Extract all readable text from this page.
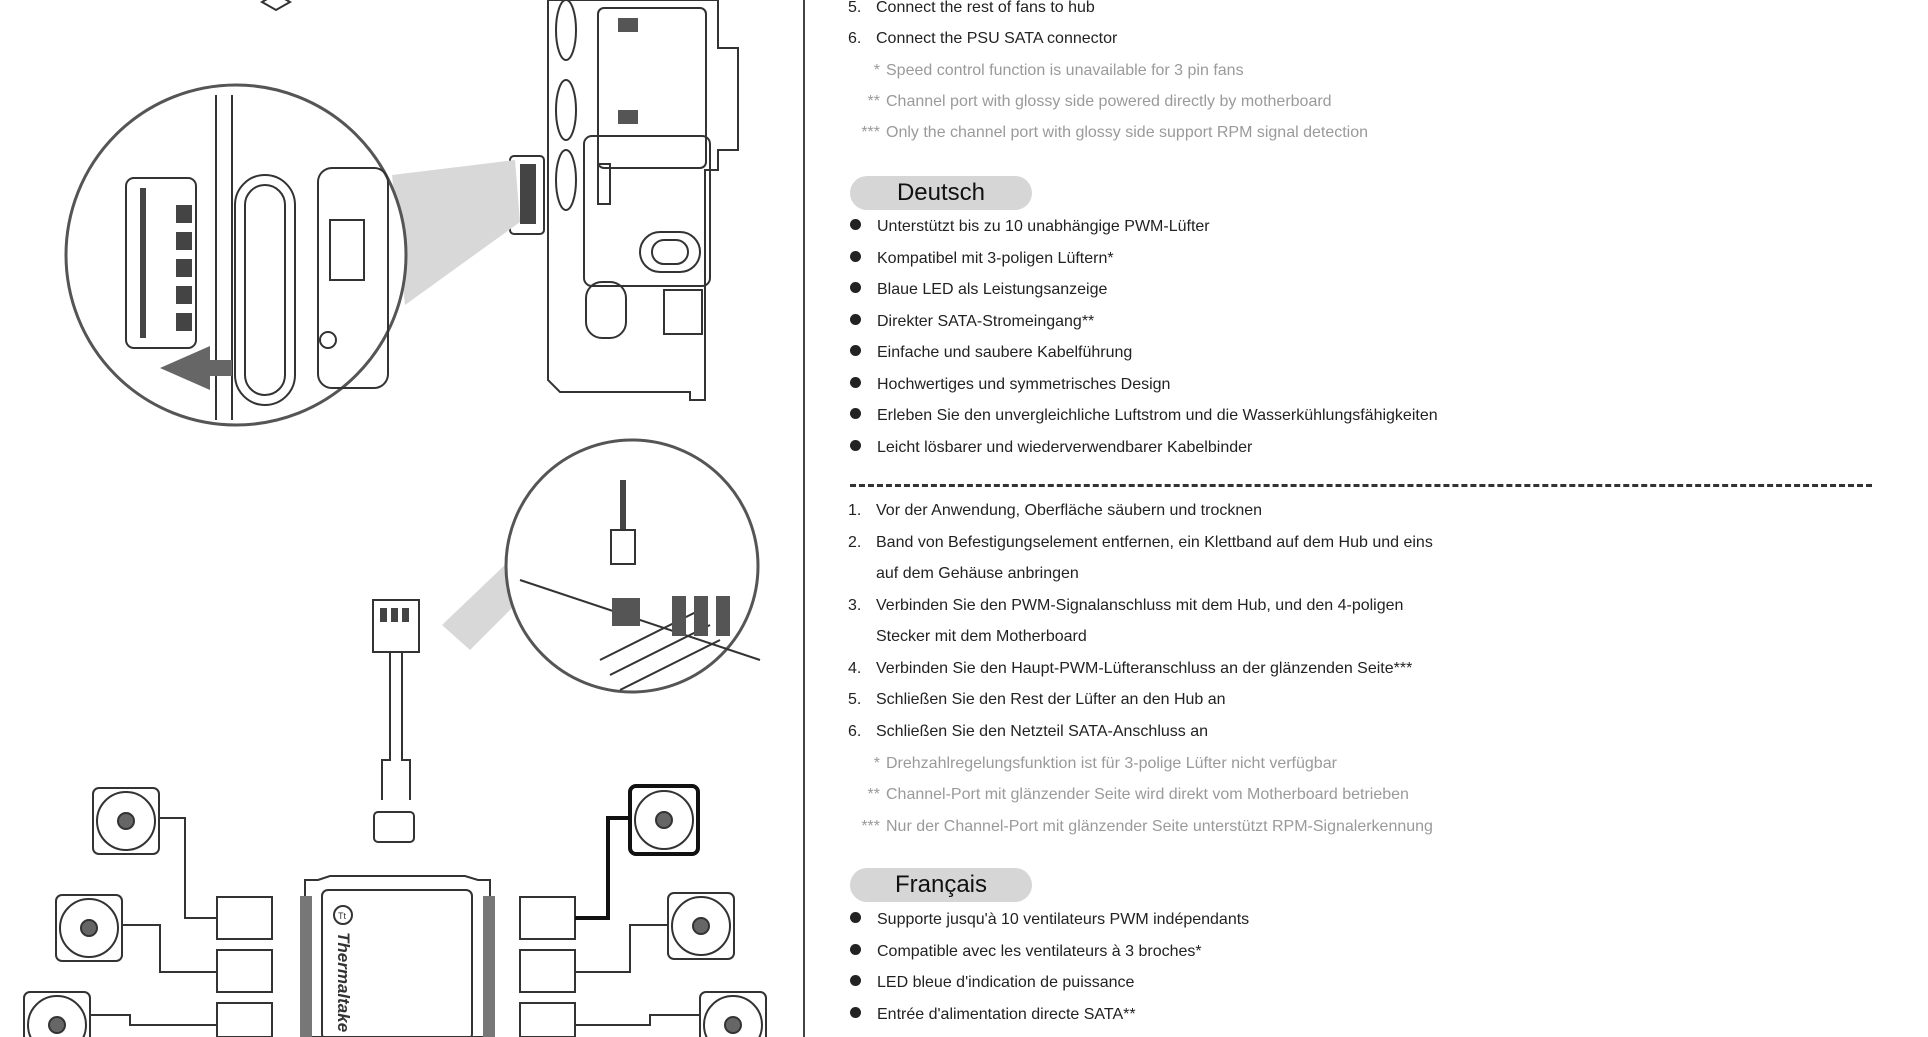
Tt
Thermaltake
5. Connect the rest of fans to hub
6. Connect the PSU SATA connector
* Speed control function is unavailable for 3 pin fans
** Channel port with glossy side powered directly by motherboard
*** Only the channel port with glossy side support RPM signal detection
Deutsch
Unterstützt bis zu 10 unabhängige PWM-Lüfter
Kompatibel mit 3-poligen Lüftern*
Blaue LED als Leistungsanzeige
Direkter SATA-Stromeingang**
Einfache und saubere Kabelführung
Hochwertiges und symmetrisches Design
Erleben Sie den unvergleichliche Luftstrom und die Wasserkühlungsfähigkeiten
Leicht lösbarer und wiederverwendbarer Kabelbinder
1. Vor der Anwendung, Oberfläche säubern und trocknen
2. Band von Befestigungselement entfernen, ein Klettband auf dem Hub und eins
auf dem Gehäuse anbringen
3. Verbinden Sie den PWM-Signalanschluss mit dem Hub, und den 4-poligen
Stecker mit dem Motherboard
4. Verbinden Sie den Haupt-PWM-Lüfteranschluss an der glänzenden Seite***
5. Schließen Sie den Rest der Lüfter an den Hub an
6. Schließen Sie den Netzteil SATA-Anschluss an
* Drehzahlregelungsfunktion ist für 3-polige Lüfter nicht verfügbar
** Channel-Port mit glänzender Seite wird direkt vom Motherboard betrieben
*** Nur der Channel-Port mit glänzender Seite unterstützt RPM-Signalerkennung
Français
Supporte jusqu'à 10 ventilateurs PWM indépendants
Compatible avec les ventilateurs à 3 broches*
LED bleue d'indication de puissance
Entrée d'alimentation directe SATA**
